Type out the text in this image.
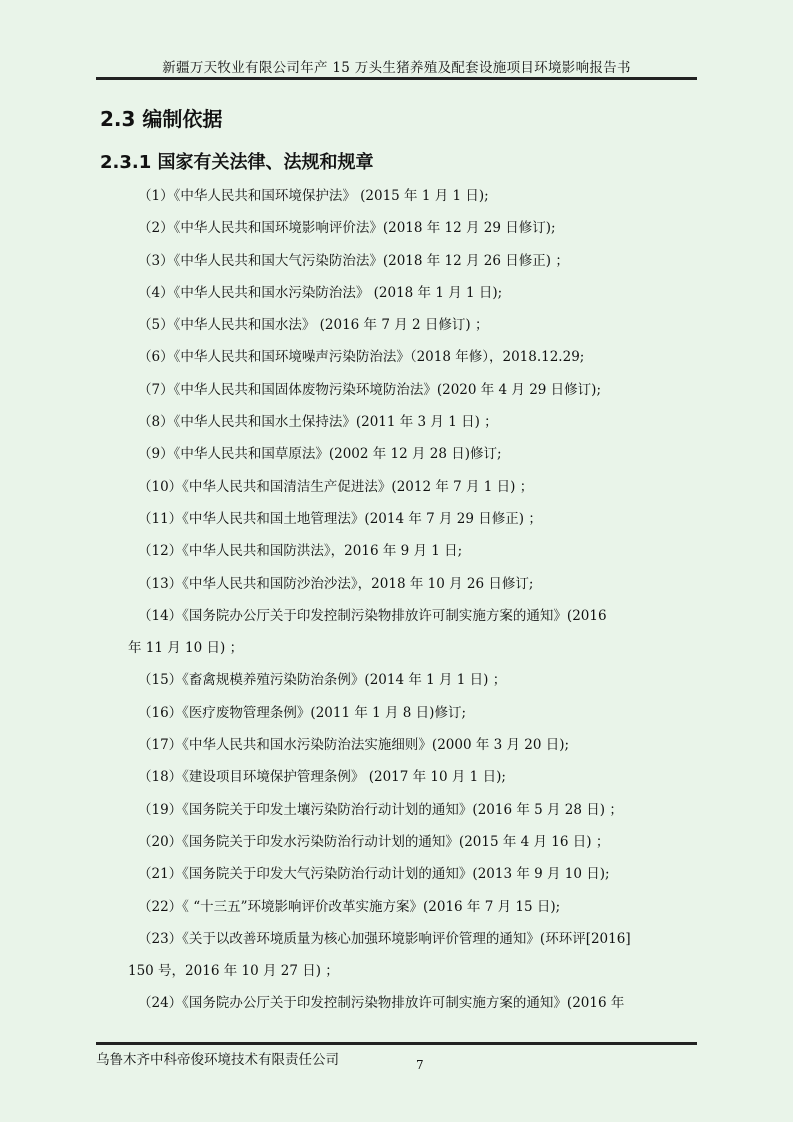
新疆万天牧业有限公司年产 15 万头生猪养殖及配套设施项目环境影响报告书
2.3 编制依据
2.3.1 国家有关法律、法规和规章
（1）《中华人民共和国环境保护法》 (2015 年 1 月 1 日);
（2）《中华人民共和国环境影响评价法》(2018 年 12 月 29 日修订);
（3）《中华人民共和国大气污染防治法》(2018 年 12 月 26 日修正) ；
（4）《中华人民共和国水污染防治法》 (2018 年 1 月 1 日);
（5）《中华人民共和国水法》 (2016 年 7 月 2 日修订) ；
（6）《中华人民共和国环境噪声污染防治法》（2018 年修），2018.12.29;
（7）《中华人民共和国固体废物污染环境防治法》(2020 年 4 月 29 日修订);
（8）《中华人民共和国水土保持法》(2011 年 3 月 1 日) ；
（9）《中华人民共和国草原法》(2002 年 12 月 28 日)修订;
（10）《中华人民共和国清洁生产促进法》(2012 年 7 月 1 日) ；
（11）《中华人民共和国土地管理法》(2014 年 7 月 29 日修正) ；
（12）《中华人民共和国防洪法》，2016 年 9 月 1 日;
（13）《中华人民共和国防沙治沙法》，2018 年 10 月 26 日修订;
（14）《国务院办公厅关于印发控制污染物排放许可制实施方案的通知》(2016
年 11 月 10 日) ；
（15）《畜禽规模养殖污染防治条例》(2014 年 1 月 1 日) ；
（16）《医疗废物管理条例》(2011 年 1 月 8 日)修订;
（17）《中华人民共和国水污染防治法实施细则》(2000 年 3 月 20 日);
（18）《建设项目环境保护管理条例》 (2017 年 10 月 1 日);
（19）《国务院关于印发土壤污染防治行动计划的通知》(2016 年 5 月 28 日) ；
（20）《国务院关于印发水污染防治行动计划的通知》(2015 年 4 月 16 日) ；
（21）《国务院关于印发大气污染防治行动计划的通知》(2013 年 9 月 10 日);
（22）《 “十三五”环境影响评价改革实施方案》(2016 年 7 月 15 日);
（23）《关于以改善环境质量为核心加强环境影响评价管理的通知》(环环评[2016]
150 号，2016 年 10 月 27 日) ；
（24）《国务院办公厅关于印发控制污染物排放许可制实施方案的通知》(2016 年
乌鲁木齐中科帝俊环境技术有限责任公司	7
